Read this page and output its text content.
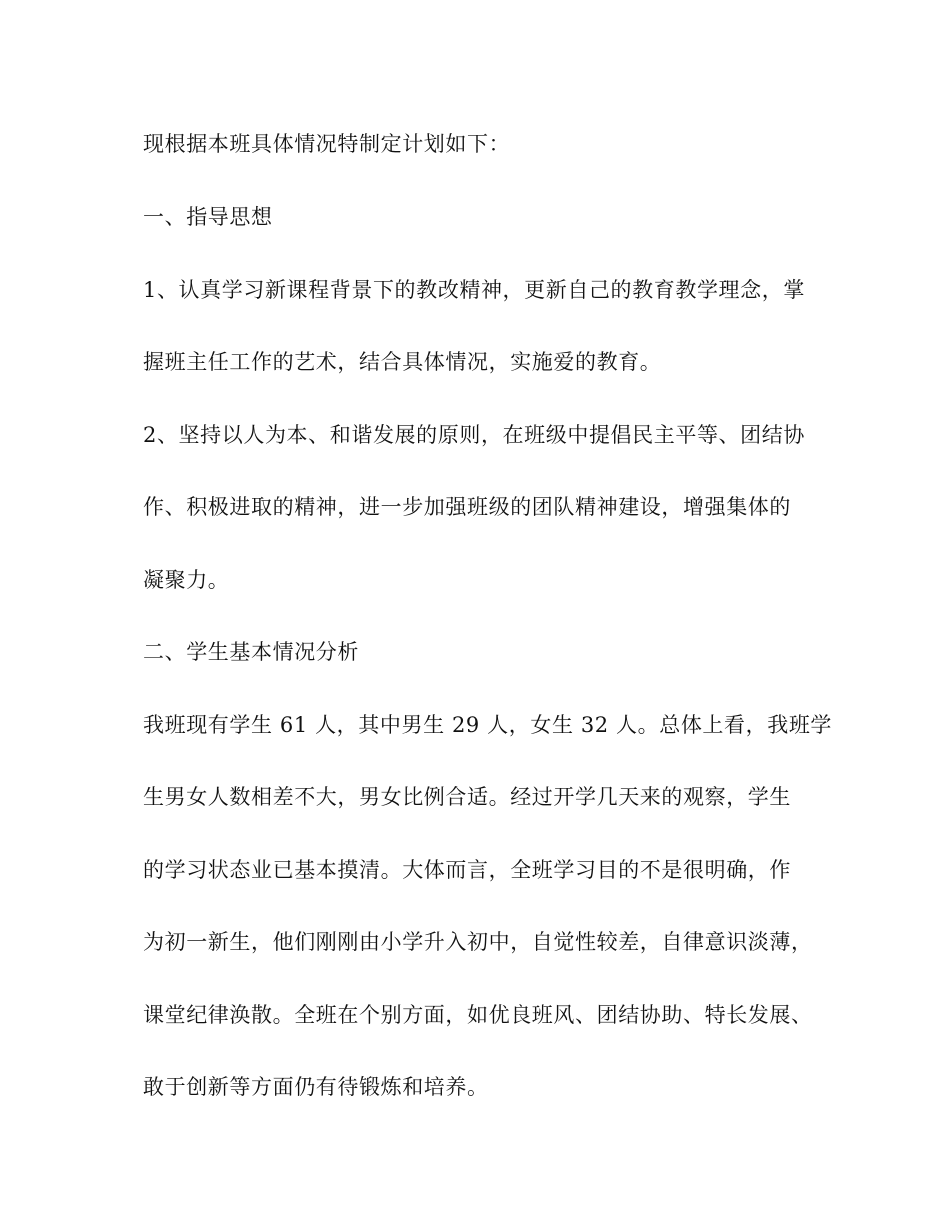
现根据本班具体情况特制定计划如下：

一、指导思想

1、认真学习新课程背景下的教改精神，更新自己的教育教学理念，掌

握班主任工作的艺术，结合具体情况，实施爱的教育。

2、坚持以人为本、和谐发展的原则，在班级中提倡民主平等、团结协

作、积极进取的精神，进一步加强班级的团队精神建设，增强集体的

凝聚力。

二、学生基本情况分析

我班现有学生 61 人，其中男生 29 人，女生 32 人。总体上看，我班学

生男女人数相差不大，男女比例合适。经过开学几天来的观察，学生

的学习状态业已基本摸清。大体而言，全班学习目的不是很明确，作

为初一新生，他们刚刚由小学升入初中，自觉性较差，自律意识淡薄，

课堂纪律涣散。全班在个别方面，如优良班风、团结协助、特长发展、

敢于创新等方面仍有待锻炼和培养。
